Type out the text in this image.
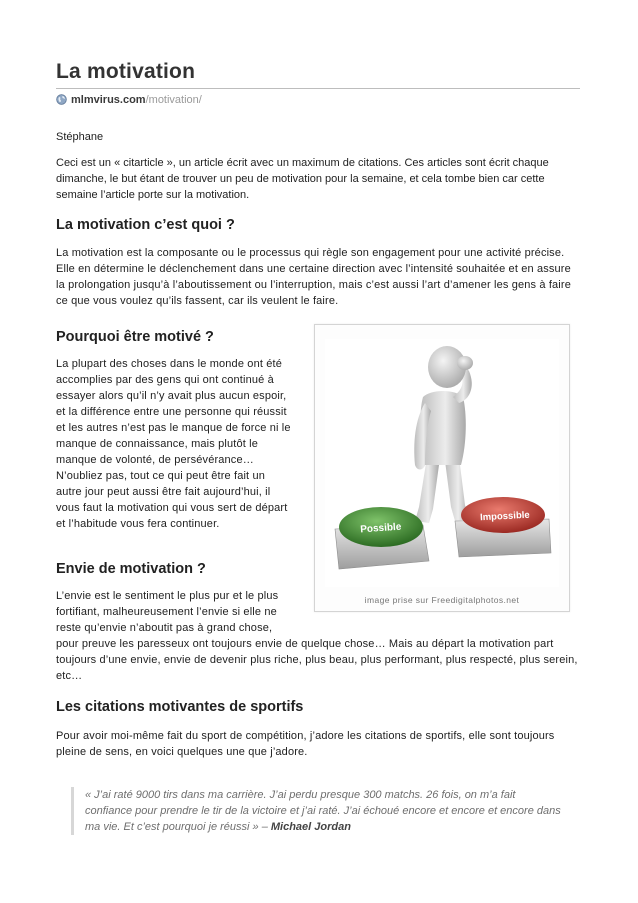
La motivation
mlmvirus.com/motivation/
Stéphane

Ceci est un « citarticle », un article écrit avec un maximum de citations. Ces articles sont écrit chaque dimanche, le but étant de trouver un peu de motivation pour la semaine, et cela tombe bien car cette semaine l’article porte sur la motivation.

La motivation c’est quoi ?

La motivation est la composante ou le processus qui règle son engagement pour une activité précise. Elle en détermine le déclenchement dans une certaine direction avec l’intensité souhaitée et en assure la prolongation jusqu’à l’aboutissement ou l’interruption, mais c’est aussi l’art d’amener les gens à faire ce que vous voulez qu’ils fassent, car ils veulent le faire.

Pourquoi être motivé ?

La plupart des choses dans le monde ont été accomplies par des gens qui ont continué à essayer alors qu’il n’y avait plus aucun espoir, et la différence entre une personne qui réussit et les autres n’est pas le manque de force ni le manque de connaissance, mais plutôt le manque de volonté, de persévérance… N’oubliez pas, tout ce qui peut être fait un autre jour peut aussi être fait aujourd’hui, il vous faut la motivation qui vous sert de départ et l’habitude vous fera continuer.	Possible
Impossible
image prise sur Freedigitalphotos.net
Envie de motivation ?

L’envie est le sentiment le plus pur et le plus fortifiant, malheureusement l’envie si elle ne reste qu’envie n’aboutit pas à grand chose,

pour preuve les paresseux ont toujours envie de quelque chose… Mais au départ la motivation part toujours d’une envie, envie de devenir plus riche, plus beau, plus performant, plus respecté, plus serein, etc…

Les citations motivantes de sportifs

Pour avoir moi-même fait du sport de compétition, j’adore les citations de sportifs, elle sont toujours pleine de sens, en voici quelques une que j’adore.

« J’ai raté 9000 tirs dans ma carrière. J’ai perdu presque 300 matchs. 26 fois, on m’a fait confiance pour prendre le tir de la victoire et j’ai raté. J’ai échoué encore et encore et encore dans ma vie. Et c’est pourquoi je réussi » – Michael Jordan
